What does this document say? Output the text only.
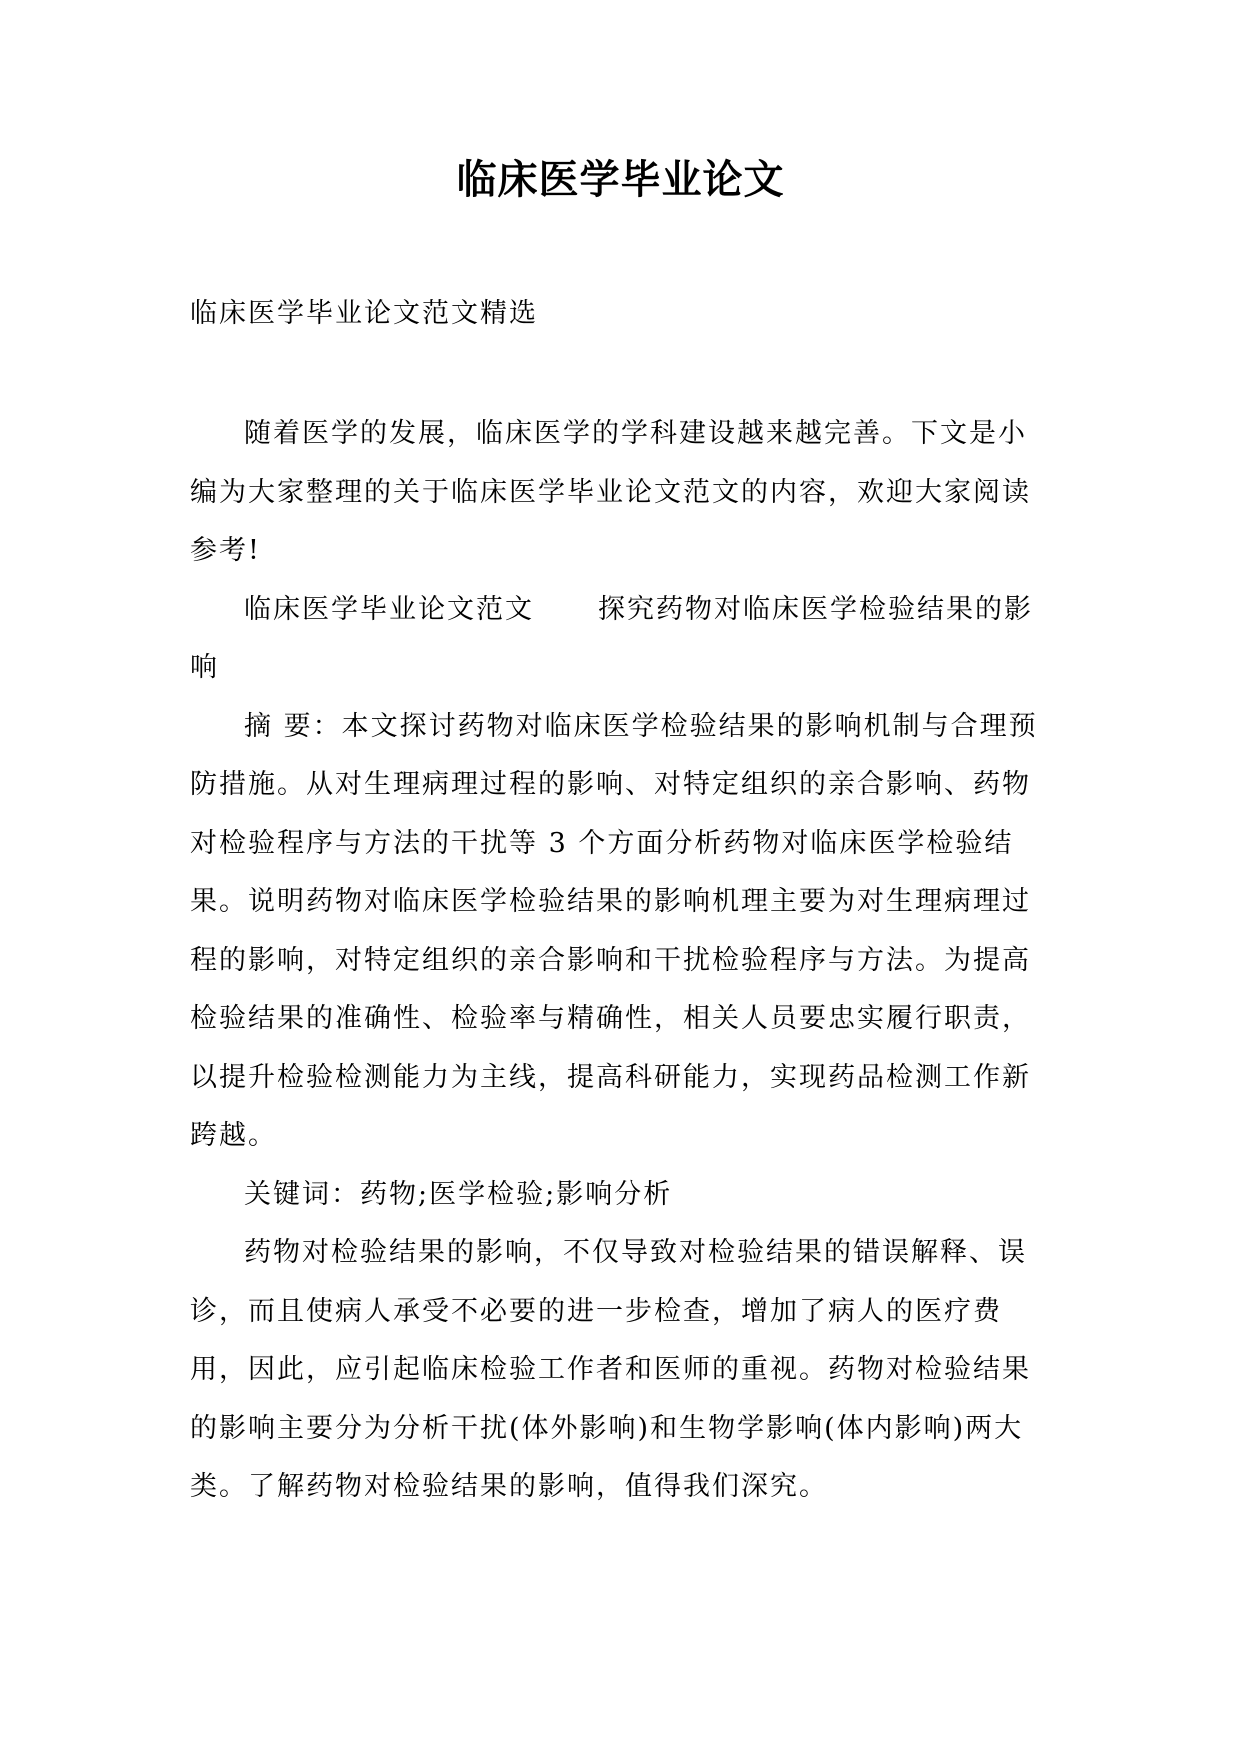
临床医学毕业论文
临床医学毕业论文范文精选

随着医学的发展，临床医学的学科建设越来越完善。下文是小编为大家整理的关于临床医学毕业论文范文的内容，欢迎大家阅读参考!

临床医学毕业论文范文 探究药物对临床医学检验结果的影响

摘 要：本文探讨药物对临床医学检验结果的影响机制与合理预防措施。从对生理病理过程的影响、对特定组织的亲合影响、药物对检验程序与方法的干扰等 3 个方面分析药物对临床医学检验结果。说明药物对临床医学检验结果的影响机理主要为对生理病理过程的影响，对特定组织的亲合影响和干扰检验程序与方法。为提高检验结果的准确性、检验率与精确性，相关人员要忠实履行职责，以提升检验检测能力为主线，提高科研能力，实现药品检测工作新跨越。

关键词：药物;医学检验;影响分析

药物对检验结果的影响，不仅导致对检验结果的错误解释、误诊，而且使病人承受不必要的进一步检查，增加了病人的医疗费用，因此，应引起临床检验工作者和医师的重视。药物对检验结果的影响主要分为分析干扰(体外影响)和生物学影响(体内影响)两大类。了解药物对检验结果的影响，值得我们深究。
